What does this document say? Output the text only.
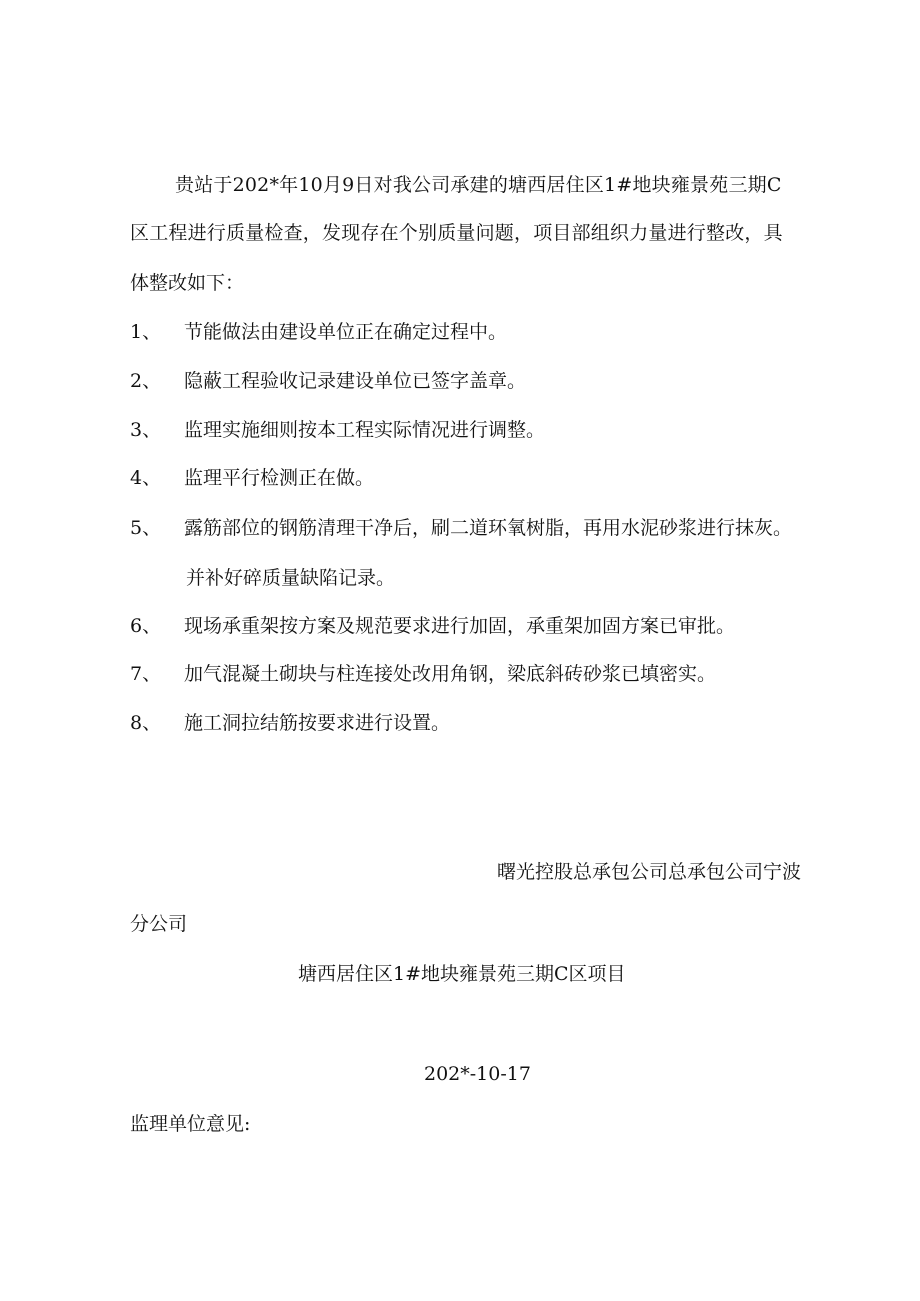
贵站于202*年10月9日对我公司承建的塘西居住区1#地块雍景苑三期C
区工程进行质量检查，发现存在个别质量问题，项目部组织力量进行整改，具
体整改如下：
1、 节能做法由建设单位正在确定过程中。
2、 隐蔽工程验收记录建设单位已签字盖章。
3、 监理实施细则按本工程实际情况进行调整。
4、 监理平行检测正在做。
5、 露筋部位的钢筋清理干净后，刷二道环氧树脂，再用水泥砂浆进行抹灰。
并补好碎质量缺陷记录。
6、 现场承重架按方案及规范要求进行加固，承重架加固方案已审批。
7、 加气混凝土砌块与柱连接处改用角钢，梁底斜砖砂浆已填密实。
8、 施工洞拉结筋按要求进行设置。
曙光控股总承包公司总承包公司宁波
分公司
塘西居住区1#地块雍景苑三期C区项目
202*-10-17
监理单位意见:
